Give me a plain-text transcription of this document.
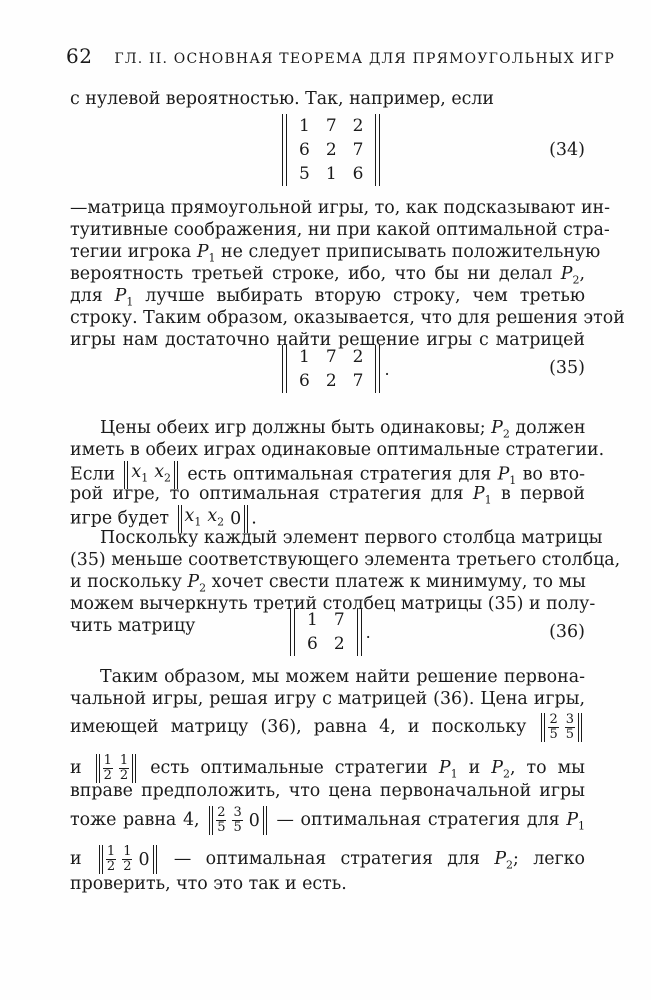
62 ГЛ. II. ОСНОВНАЯ ТЕОРЕМА ДЛЯ ПРЯМОУГОЛЬНЫХ ИГР
с нулевой вероятностью. Так, например, если
1	7	2
6	2	7
5	1	6
(34)
—матрица прямоугольной игры, то, как подсказывают ин-
туитивные соображения, ни при какой оптимальной стра-
тегии игрока $P_1$ не следует приписывать положительную
вероятность третьей строке, ибо, что бы ни делал $P_2$,
для $P_1$ лучше выбирать вторую строку, чем третью
строку. Таким образом, оказывается, что для решения этой
игры нам достаточно найти решение игры с матрицей
1	7	2
6	2	7
.	(35)
Цены обеих игр должны быть одинаковы; $P_2$ должен
иметь в обеих играх одинаковые оптимальные стратегии.
Если $x_1$ $x_2$ есть оптимальная стратегия для $P_1$ во вто-
рой игре, то оптимальная стратегия для $P_1$ в первой
игре будет $x_1$ $x_2$ 0 .
Поскольку каждый элемент первого столбца матрицы
(35) меньше соответствующего элемента третьего столбца,
и поскольку $P_2$ хочет свести платеж к минимуму, то мы
можем вычеркнуть третий столбец матрицы (35) и полу-
чить матрицу	1	7
6	2
.	(36)
Таким образом, мы можем найти решение первона-
чальной игры, решая игру с матрицей (36). Цена игры,
имеющей матрицу (36), равна 4, и поскольку $\frac{2}{5} \frac{3}{5}$
и $\frac{1}{2} \frac{1}{2}$ есть оптимальные стратегии $P_1$ и $P_2$, то мы
вправе предположить, что цена первоначальной игры
тоже равна 4, $\frac{2}{5} \frac{3}{5} 0$ — оптимальная стратегия для $P_1$
и $\frac{1}{2} \frac{1}{2} 0$ — оптимальная стратегия для $P_2$; легко
проверить, что это так и есть.
